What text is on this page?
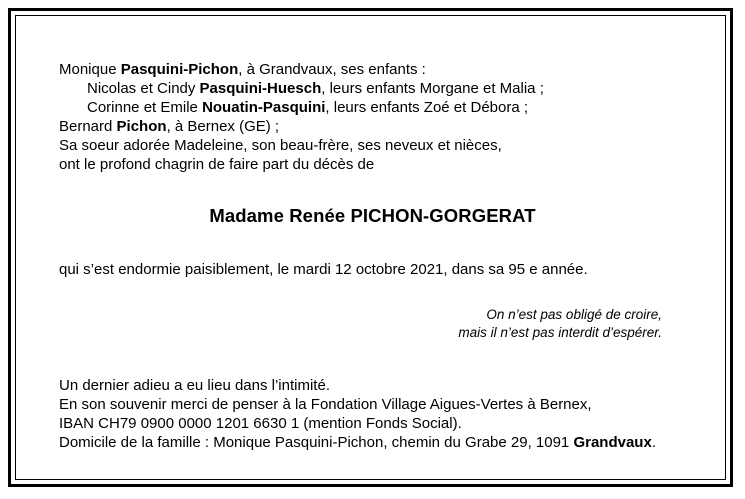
Monique Pasquini-Pichon, à Grandvaux, ses enfants :
Nicolas et Cindy Pasquini-Huesch, leurs enfants Morgane et Malia ;
Corinne et Emile Nouatin-Pasquini, leurs enfants Zoé et Débora ;
Bernard Pichon, à Bernex (GE) ;
Sa soeur adorée Madeleine, son beau-frère, ses neveux et nièces,
ont le profond chagrin de faire part du décès de
Madame Renée PICHON-GORGERAT
qui s’est endormie paisiblement, le mardi 12 octobre 2021, dans sa 95 e année.
On n’est pas obligé de croire,
mais il n’est pas interdit d’espérer.
Un dernier adieu a eu lieu dans l’intimité.
En son souvenir merci de penser à la Fondation Village Aigues-Vertes à Bernex,
IBAN CH79 0900 0000 1201 6630 1 (mention Fonds Social).
Domicile de la famille : Monique Pasquini-Pichon, chemin du Grabe 29, 1091 Grandvaux.
